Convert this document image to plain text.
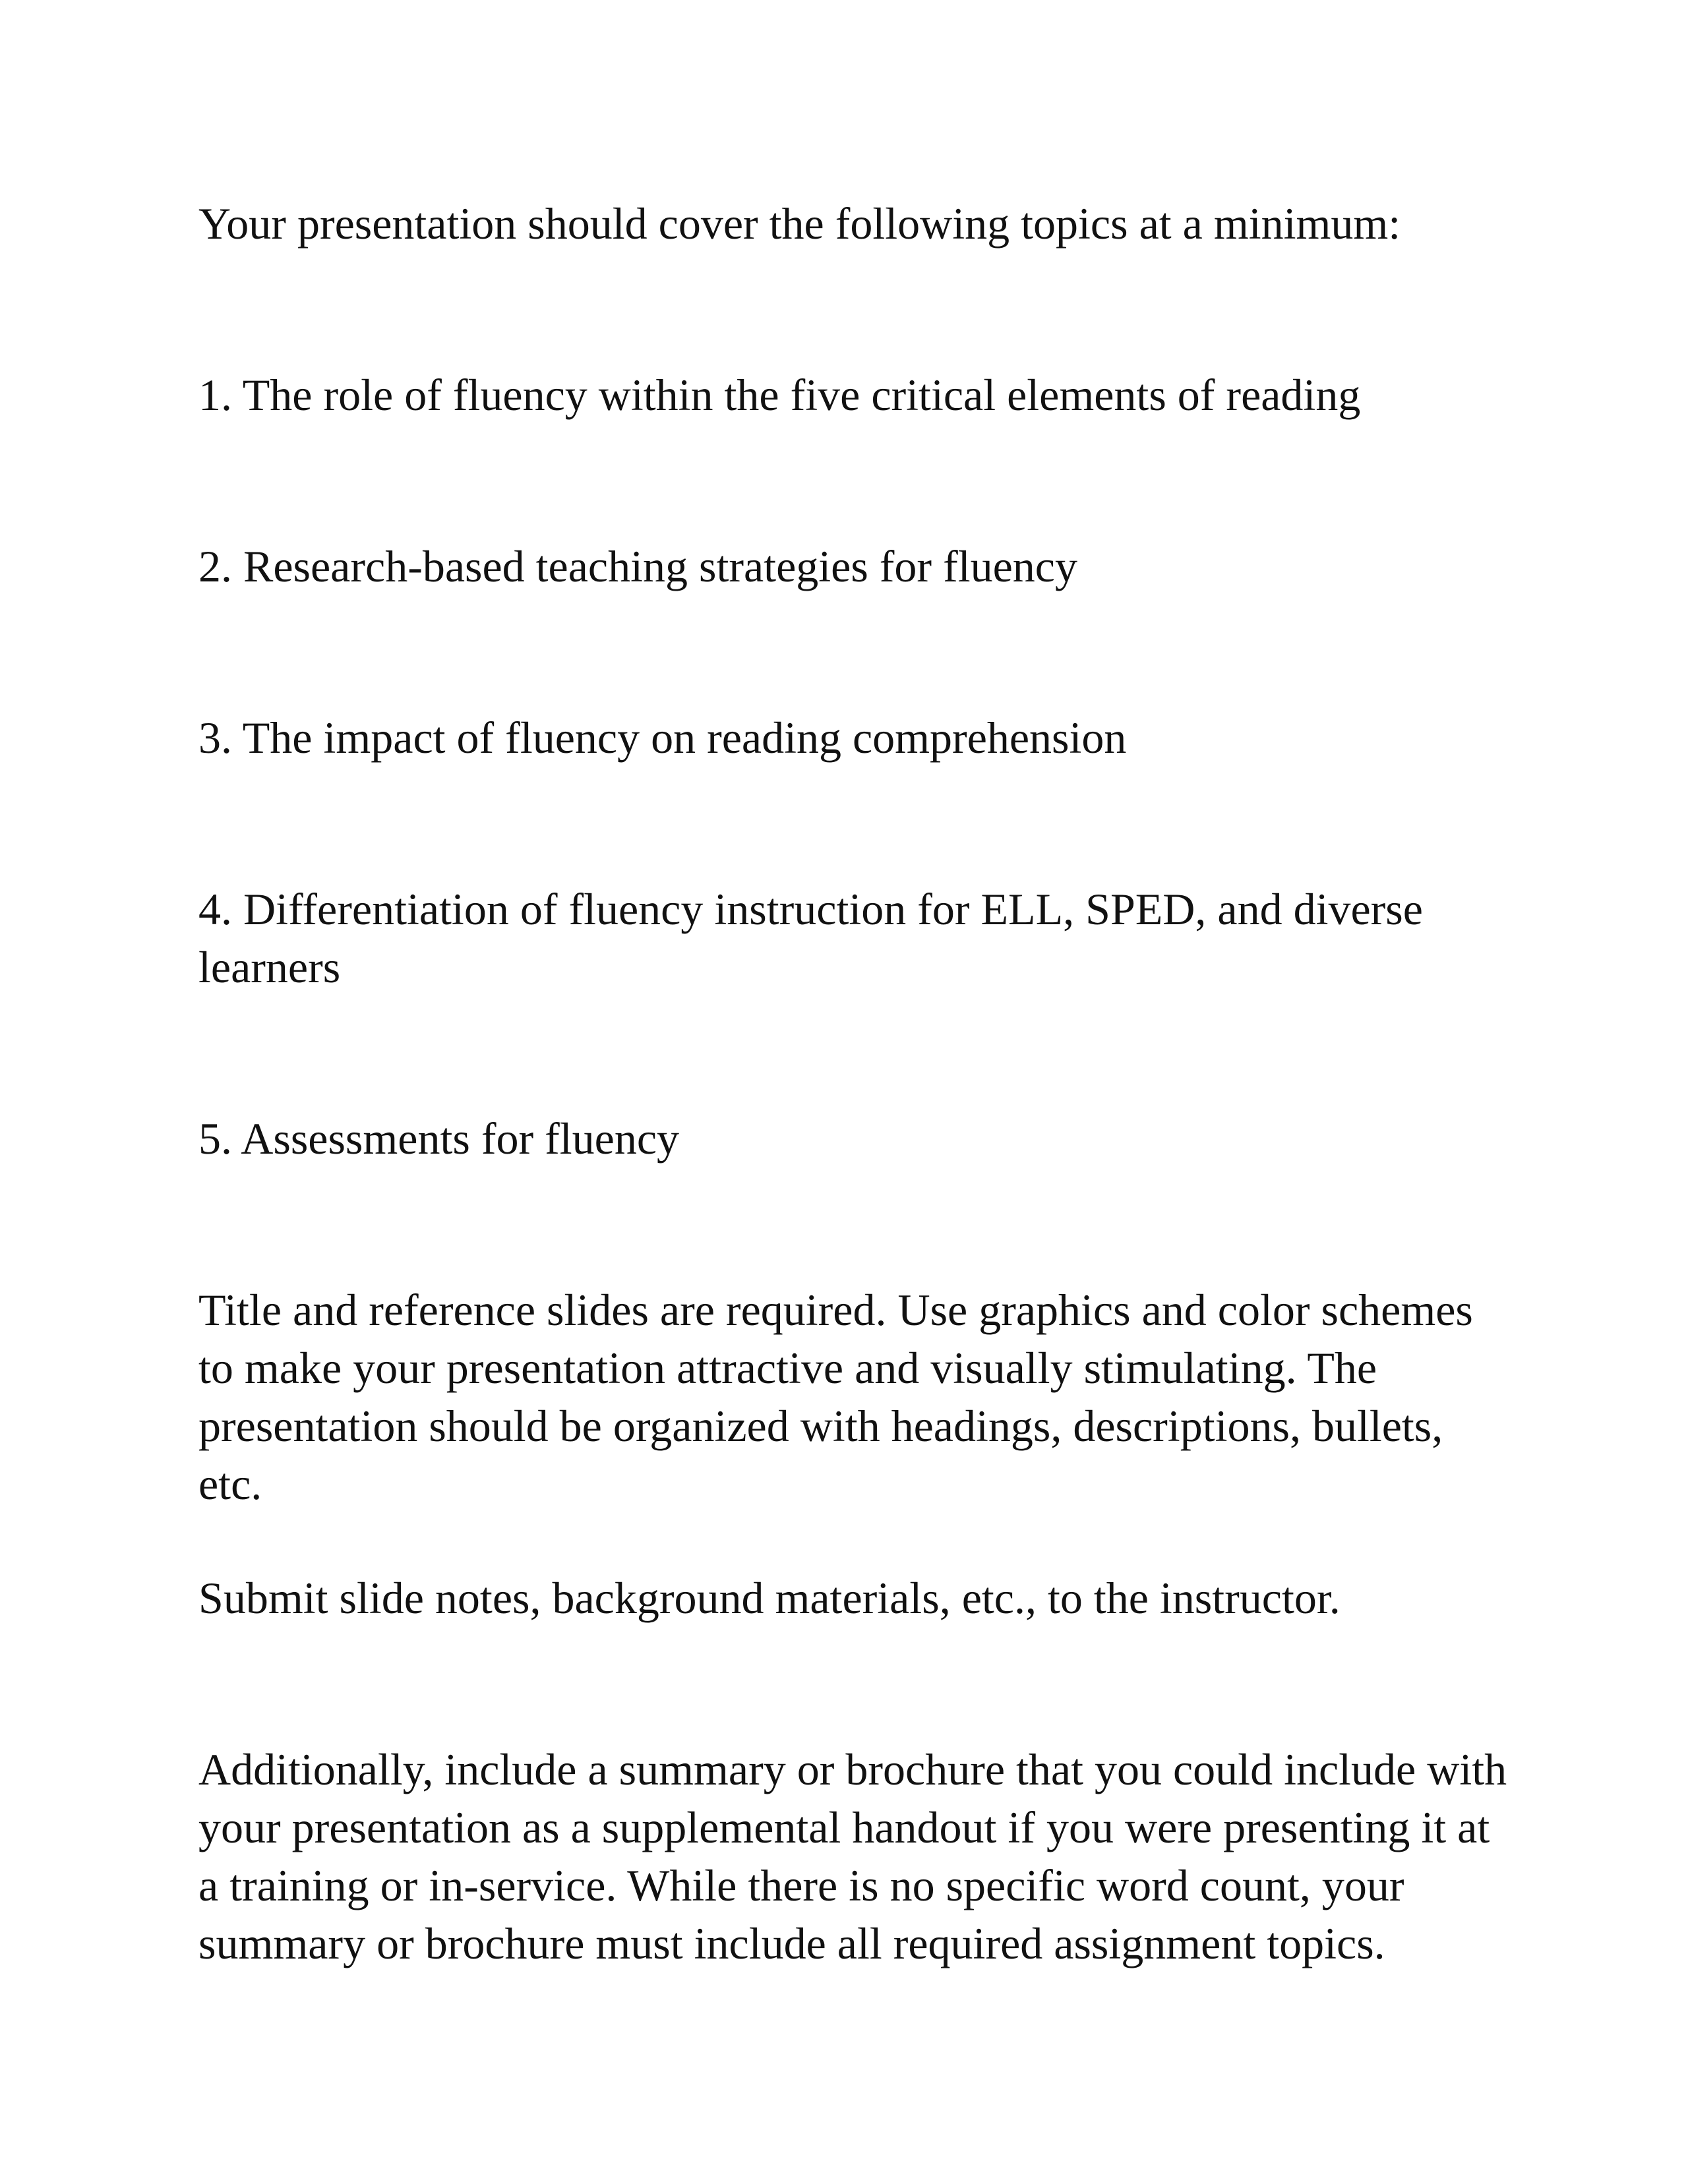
Your presentation should cover the following topics at a minimum:

1. The role of fluency within the five critical elements of reading

2. Research-based teaching strategies for fluency

3. The impact of fluency on reading comprehension

4. Differentiation of fluency instruction for ELL, SPED, and diverse learners

5. Assessments for fluency

Title and reference slides are required. Use graphics and color schemes to make your presentation attractive and visually stimulating. The presentation should be organized with headings, descriptions, bullets, etc.

Submit slide notes, background materials, etc., to the instructor.

Additionally, include a summary or brochure that you could include with your presentation as a supplemental handout if you were presenting it at a training or in-service. While there is no specific word count, your summary or brochure must include all required assignment topics.
